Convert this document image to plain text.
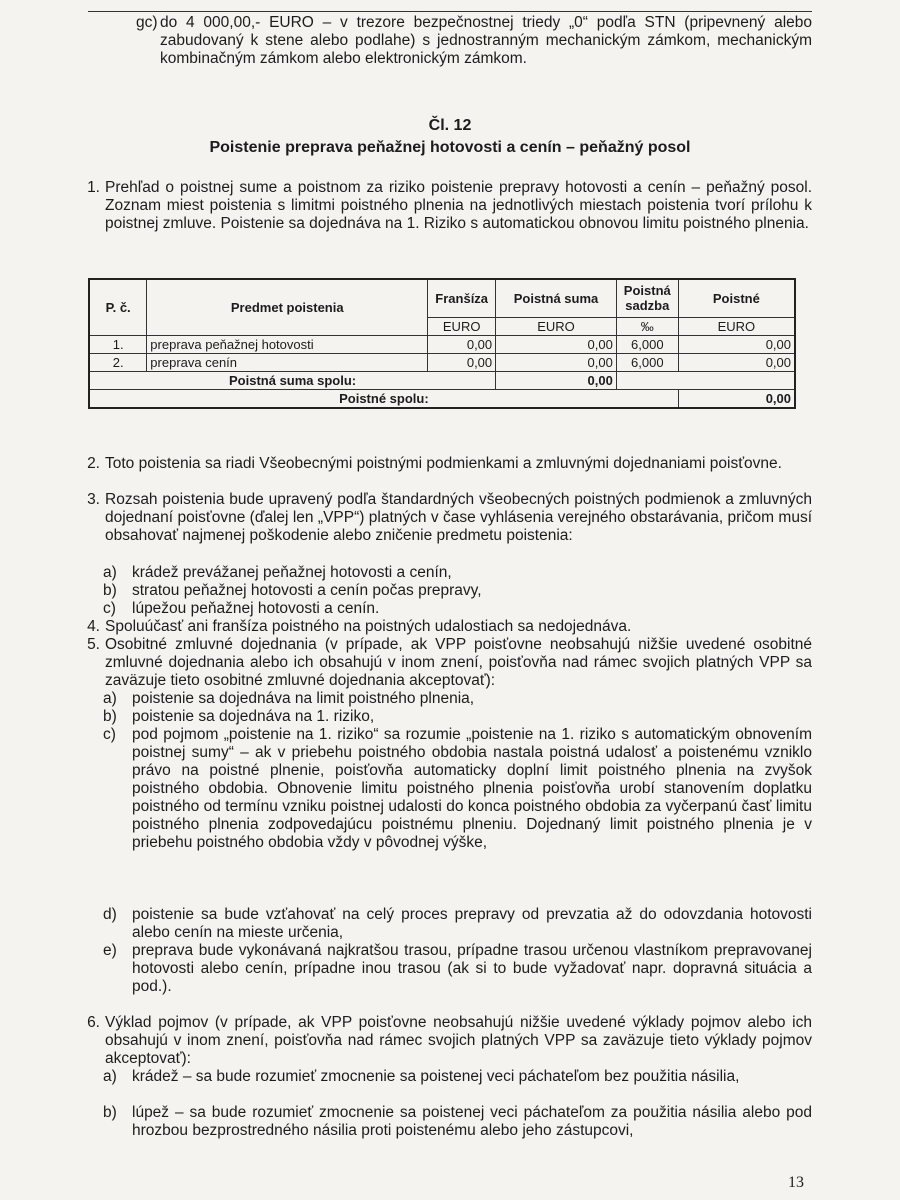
gc) do 4 000,00,- EURO – v trezore bezpečnostnej triedy „0“ podľa STN (pripevnený alebo zabudovaný k stene alebo podlahe) s jednostranným mechanickým zámkom, mechanickým kombinačným zámkom alebo elektronickým zámkom.

Čl. 12

Poistenie preprava peňažnej hotovosti a cenín – peňažný posol

1. Prehľad o poistnej sume a poistnom za riziko poistenie prepravy hotovosti a cenín – peňažný posol. Zoznam miest poistenia s limitmi poistného plnenia na jednotlivých miestach poistenia tvorí prílohu k poistnej zmluve. Poistenie sa dojednáva na 1. Riziko s automatickou obnovou limitu poistného plnenia.

P. č.	Predmet poistenia	Franšíza	Poistná suma	Poistná sadzba	Poistné
		EURO	EURO	‰	EURO
1.	preprava peňažnej hotovosti	0,00	0,00	6,000	0,00
2.	preprava cenín	0,00	0,00	6,000	0,00
Poistná suma spolu:			0,00		
Poistné spolu:					0,00
2. Toto poistenia sa riadi Všeobecnými poistnými podmienkami a zmluvnými dojednaniami poisťovne.

3. Rozsah poistenia bude upravený podľa štandardných všeobecných poistných podmienok a zmluvných dojednaní poisťovne (ďalej len „VPP“) platných v čase vyhlásenia verejného obstarávania, pričom musí obsahovať najmenej poškodenie alebo zničenie predmetu poistenia:

a) krádež prevážanej peňažnej hotovosti a cenín,

b) stratou peňažnej hotovosti a cenín počas prepravy,

c) lúpežou peňažnej hotovosti a cenín.

4. Spoluúčasť ani franšíza poistného na poistných udalostiach sa nedojednáva.

5. Osobitné zmluvné dojednania (v prípade, ak VPP poisťovne neobsahujú nižšie uvedené osobitné zmluvné dojednania alebo ich obsahujú v inom znení, poisťovňa nad rámec svojich platných VPP sa zaväzuje tieto osobitné zmluvné dojednania akceptovať):

a) poistenie sa dojednáva na limit poistného plnenia,

b) poistenie sa dojednáva na 1. riziko,

c) pod pojmom „poistenie na 1. riziko“ sa rozumie „poistenie na 1. riziko s automatickým obnovením poistnej sumy“ – ak v priebehu poistného obdobia nastala poistná udalosť a poistenému vzniklo právo na poistné plnenie, poisťovňa automaticky doplní limit poistného plnenia na zvyšok poistného obdobia. Obnovenie limitu poistného plnenia poisťovňa urobí stanovením doplatku poistného od termínu vzniku poistnej udalosti do konca poistného obdobia za vyčerpanú časť limitu poistného plnenia zodpovedajúcu poistnému plneniu. Dojednaný limit poistného plnenia je v priebehu poistného obdobia vždy v pôvodnej výške,

d) poistenie sa bude vzťahovať na celý proces prepravy od prevzatia až do odovzdania hotovosti alebo cenín na mieste určenia,

e) preprava bude vykonávaná najkratšou trasou, prípadne trasou určenou vlastníkom prepravovanej hotovosti alebo cenín, prípadne inou trasou (ak si to bude vyžadovať napr. dopravná situácia a pod.).

6. Výklad pojmov (v prípade, ak VPP poisťovne neobsahujú nižšie uvedené výklady pojmov alebo ich obsahujú v inom znení, poisťovňa nad rámec svojich platných VPP sa zaväzuje tieto výklady pojmov akceptovať):

a) krádež – sa bude rozumieť zmocnenie sa poistenej veci páchateľom bez použitia násilia,

b) lúpež – sa bude rozumieť zmocnenie sa poistenej veci páchateľom za použitia násilia alebo pod hrozbou bezprostredného násilia proti poistenému alebo jeho zástupcovi,

13
